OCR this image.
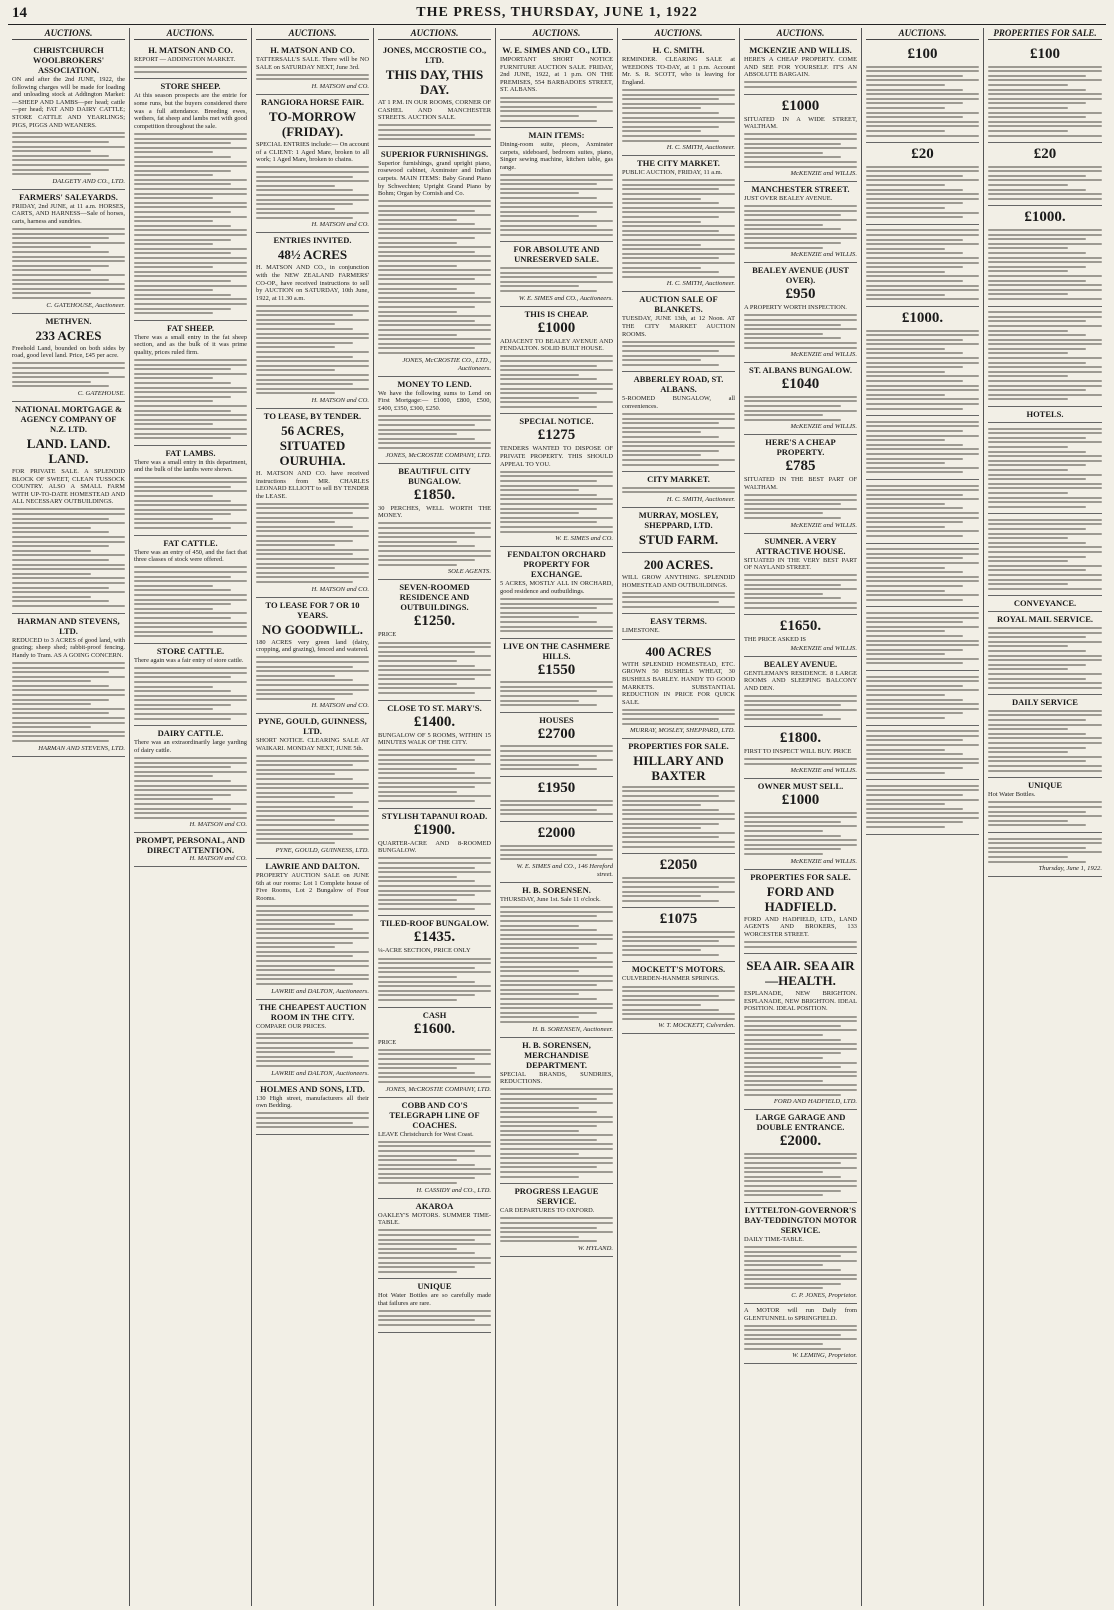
14	THE PRESS, THURSDAY, JUNE 1, 1922
AUCTIONS.
CHRISTCHURCH WOOLBROKERS' ASSOCIATION.
ON and after the 2nd JUNE, 1922, the following charges will be made for loading and unloading stock at Addington Market:—SHEEP AND LAMBS—per head; cattle—per head; FAT AND DAIRY CATTLE; STORE CATTLE AND YEARLINGS; PIGS, PIGGS AND WEANERS.
DALGETY AND CO., LTD.
FARMERS' SALEYARDS.
FRIDAY, 2nd JUNE, at 11 a.m. HORSES, CARTS, AND HARNESS—Sale of horses, carts, harness and sundries.
C. GATEHOUSE, Auctioneer.
METHVEN.
233 ACRES
Freehold Land, bounded on both sides by road, good level land. Price, £45 per acre.
C. GATEHOUSE.
NATIONAL MORTGAGE & AGENCY COMPANY OF N.Z. LTD.
LAND. LAND. LAND.
FOR PRIVATE SALE. A SPLENDID BLOCK OF SWEET, CLEAN TUSSOCK COUNTRY. ALSO A SMALL FARM WITH UP-TO-DATE HOMESTEAD AND ALL NECESSARY OUTBUILDINGS.
HARMAN AND STEVENS, LTD.
REDUCED to 3 ACRES of good land, with grazing; sheep shed; rabbit-proof fencing. Handy to Tram. AS A GOING CONCERN.
HARMAN AND STEVENS, LTD.
AUCTIONS.
H. MATSON AND CO.
REPORT — ADDINGTON MARKET.
STORE SHEEP.
At this season prospects are the entrie for some runs, but the buyers considered there was a full attendance. Breeding ewes, wethers, fat sheep and lambs met with good competition throughout the sale.
FAT SHEEP.
There was a small entry in the fat sheep section, and as the bulk of it was prime quality, prices ruled firm.
FAT LAMBS.
There was a small entry in this department, and the bulk of the lambs were shown.
FAT CATTLE.
There was an entry of 450, and the fact that three classes of stock were offered.
STORE CATTLE.
There again was a fair entry of store cattle.
DAIRY CATTLE.
There was an extraordinarily large yarding of dairy cattle.
H. MATSON and CO.
PROMPT, PERSONAL, AND DIRECT ATTENTION.
H. MATSON and CO.
AUCTIONS.
H. MATSON AND CO.
TATTERSALL'S SALE. There will be NO SALE on SATURDAY NEXT, June 3rd.
H. MATSON and CO.
RANGIORA HORSE FAIR.
TO-MORROW (FRIDAY).
SPECIAL ENTRIES include:— On account of a CLIENT: 1 Aged Mare, broken to all work; 1 Aged Mare, broken to chains.
H. MATSON and CO.
ENTRIES INVITED.
48½ ACRES
H. MATSON AND CO., in conjunction with the NEW ZEALAND FARMERS' CO-OP., have received instructions to sell by AUCTION on SATURDAY, 10th June, 1922, at 11.30 a.m.
H. MATSON and CO.
TO LEASE, BY TENDER.
56 ACRES, SITUATED OURUHIA.
H. MATSON AND CO. have received instructions from MR. CHARLES LEONARD ELLIOTT to sell BY TENDER the LEASE.
H. MATSON and CO.
TO LEASE FOR 7 OR 10 YEARS.
NO GOODWILL.
180 ACRES very green land (dairy, cropping, and grazing), fenced and watered.
H. MATSON and CO.
PYNE, GOULD, GUINNESS, LTD.
SHORT NOTICE. CLEARING SALE AT WAIKARI. MONDAY NEXT, JUNE 5th.
PYNE, GOULD, GUINNESS, LTD.
LAWRIE AND DALTON.
PROPERTY AUCTION SALE on JUNE 6th at our rooms: Lot 1 Complete house of Five Rooms, Lot 2 Bungalow of Four Rooms.
LAWRIE and DALTON, Auctioneers.
THE CHEAPEST AUCTION ROOM IN THE CITY.
COMPARE OUR PRICES.
LAWRIE and DALTON, Auctioneers.
HOLMES AND SONS, LTD.
130 High street, manufacturers all their own Bedding.
AUCTIONS.
JONES, MCCROSTIE CO., LTD.
THIS DAY, THIS DAY.
AT 1 P.M. IN OUR ROOMS, CORNER OF CASHEL AND MANCHESTER STREETS. AUCTION SALE.
SUPERIOR FURNISHINGS.
Superior furnishings, grand upright piano, rosewood cabinet, Axminster and Indian carpets. MAIN ITEMS: Baby Grand Piano by Schwechten; Upright Grand Piano by Bohm; Organ by Cornish and Co.
JONES, McCROSTIE CO., LTD., Auctioneers.
MONEY TO LEND.
We have the following sums to Lend on First Mortgage:— £1000, £800, £500, £400, £350, £300, £250.
JONES, McCROSTIE COMPANY, LTD.
BEAUTIFUL CITY BUNGALOW.
£1850.
30 PERCHES, WELL WORTH THE MONEY.
SOLE AGENTS.
SEVEN-ROOMED RESIDENCE AND OUTBUILDINGS.
£1250.
PRICE
CLOSE TO ST. MARY'S.
£1400.
BUNGALOW OF 5 ROOMS, WITHIN 15 MINUTES WALK OF THE CITY.
STYLISH TAPANUI ROAD.
£1900.
QUARTER-ACRE AND 8-ROOMED BUNGALOW.
TILED-ROOF BUNGALOW.
£1435.
¼-ACRE SECTION, PRICE ONLY
CASH
£1600.
PRICE
JONES, McCROSTIE COMPANY, LTD.
COBB AND CO'S TELEGRAPH LINE OF COACHES.
LEAVE Christchurch for West Coast.
H. CASSIDY and CO., LTD.
AKAROA
OAKLEY'S MOTORS. SUMMER TIME-TABLE.
UNIQUE
Hot Water Bottles are so carefully made that failures are rare.
AUCTIONS.
W. E. SIMES AND CO., LTD.
IMPORTANT SHORT NOTICE FURNITURE AUCTION SALE. FRIDAY, 2nd JUNE, 1922, at 1 p.m. ON THE PREMISES, 554 BARBADOES STREET, ST. ALBANS.
MAIN ITEMS:
Dining-room suite, pieces, Axminster carpets, sideboard, bedroom suites, piano, Singer sewing machine, kitchen table, gas range.
FOR ABSOLUTE AND UNRESERVED SALE.
W. E. SIMES and CO., Auctioneers.
THIS IS CHEAP.
£1000
ADJACENT TO BEALEY AVENUE AND FENDALTON. SOLID BUILT HOUSE.
SPECIAL NOTICE.
£1275
TENDERS WANTED TO DISPOSE OF PRIVATE PROPERTY. THIS SHOULD APPEAL TO YOU.
W. E. SIMES and CO.
FENDALTON ORCHARD PROPERTY FOR EXCHANGE.
5 ACRES, MOSTLY ALL IN ORCHARD, good residence and outbuildings.
LIVE ON THE CASHMERE HILLS.
£1550
HOUSES
£2700
£1950
£2000
W. E. SIMES and CO., 146 Hereford street.
H. B. SORENSEN.
THURSDAY, June 1st. Sale 11 o'clock.
H. B. SORENSEN, Auctioneer.
H. B. SORENSEN, MERCHANDISE DEPARTMENT.
SPECIAL BRANDS, SUNDRIES, REDUCTIONS.
PROGRESS LEAGUE SERVICE.
CAR DEPARTURES TO OXFORD.
W. HYLAND.
AUCTIONS.
H. C. SMITH.
REMINDER. CLEARING SALE at WEEDONS TO-DAY, at 1 p.m. Account Mr. S. R. SCOTT, who is leaving for England.
H. C. SMITH, Auctioneer.
THE CITY MARKET.
PUBLIC AUCTION, FRIDAY, 11 a.m.
H. C. SMITH, Auctioneer.
AUCTION SALE OF BLANKETS.
TUESDAY, JUNE 13th, at 12 Noon. AT THE CITY MARKET AUCTION ROOMS.
ABBERLEY ROAD, ST. ALBANS.
5-ROOMED BUNGALOW, all conveniences.
CITY MARKET.
H. C. SMITH, Auctioneer.
MURRAY, MOSLEY, SHEPPARD, LTD.
STUD FARM.
200 ACRES.
WILL GROW ANYTHING. SPLENDID HOMESTEAD AND OUTBUILDINGS.
EASY TERMS.
LIMESTONE.
400 ACRES
WITH SPLENDID HOMESTEAD, ETC. GROWN 50 BUSHELS WHEAT, 30 BUSHELS BARLEY. HANDY TO GOOD MARKETS. SUBSTANTIAL REDUCTION IN PRICE FOR QUICK SALE.
MURRAY, MOSLEY, SHEPPARD, LTD.
PROPERTIES FOR SALE.
HILLARY AND BAXTER
£2050
£1075
MOCKETT'S MOTORS.
CULVERDEN-HANMER SPRINGS.
W. T. MOCKETT, Culverden.
AUCTIONS.
MCKENZIE AND WILLIS.
HERE'S A CHEAP PROPERTY. COME AND SEE FOR YOURSELF. IT'S AN ABSOLUTE BARGAIN.
£1000
SITUATED IN A WIDE STREET, WALTHAM.
McKENZIE and WILLIS.
MANCHESTER STREET.
JUST OVER BEALEY AVENUE.
McKENZIE and WILLIS.
BEALEY AVENUE (JUST OVER).
£950
A PROPERTY WORTH INSPECTION.
McKENZIE and WILLIS.
ST. ALBANS BUNGALOW.
£1040
McKENZIE and WILLIS.
HERE'S A CHEAP PROPERTY.
£785
SITUATED IN THE BEST PART OF WALTHAM.
McKENZIE and WILLIS.
SUMNER. A VERY ATTRACTIVE HOUSE.
SITUATED IN THE VERY BEST PART OF NAYLAND STREET.
£1650.
THE PRICE ASKED IS
McKENZIE and WILLIS.
BEALEY AVENUE.
GENTLEMAN'S RESIDENCE. 8 LARGE ROOMS AND SLEEPING BALCONY AND DEN.
£1800.
FIRST TO INSPECT WILL BUY. PRICE
McKENZIE and WILLIS.
OWNER MUST SELL.
£1000
McKENZIE and WILLIS.
PROPERTIES FOR SALE.
FORD AND HADFIELD.
FORD AND HADFIELD, LTD., LAND AGENTS AND BROKERS, 133 WORCESTER STREET.
SEA AIR. SEA AIR—HEALTH.
ESPLANADE, NEW BRIGHTON. ESPLANADE, NEW BRIGHTON. IDEAL POSITION. IDEAL POSITION.
FORD AND HADFIELD, LTD.
LARGE GARAGE AND DOUBLE ENTRANCE.
£2000.
LYTTELTON-GOVERNOR'S BAY-TEDDINGTON MOTOR SERVICE.
DAILY TIME-TABLE.
C. P. JONES, Proprietor.
A MOTOR will run Daily from GLENTUNNEL to SPRINGFIELD.
W. LEMING, Proprietor.
AUCTIONS.
£100
£20
£1000.
PROPERTIES FOR SALE.
£100
£20
£1000.
HOTELS.
CONVEYANCE.
ROYAL MAIL SERVICE.
DAILY SERVICE
UNIQUE
Hot Water Bottles.
Thursday, June 1, 1922.
